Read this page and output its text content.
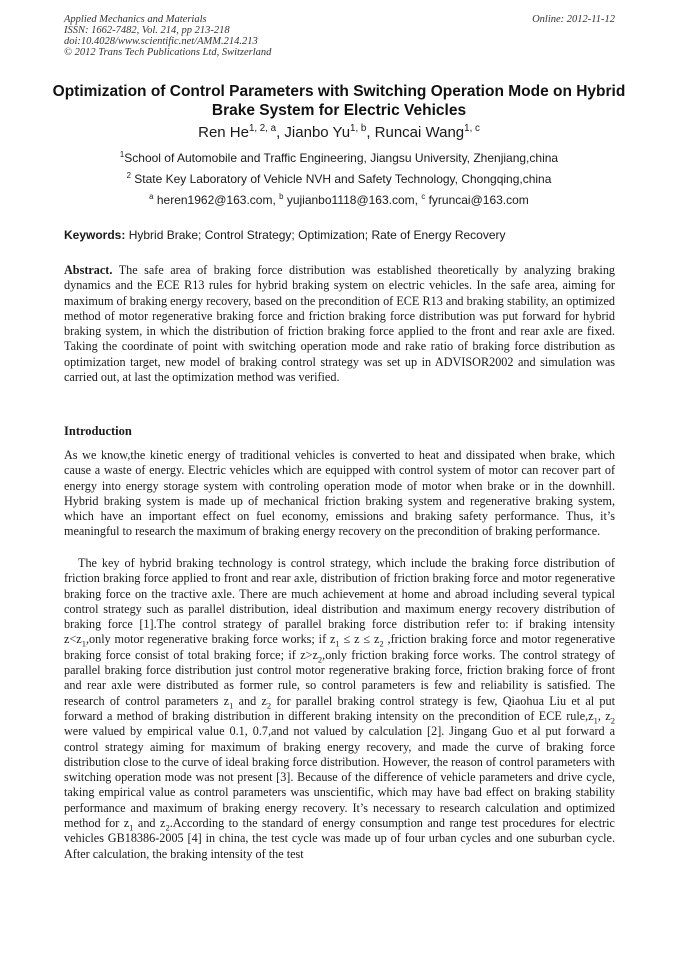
Applied Mechanics and Materials
ISSN: 1662-7482, Vol. 214, pp 213-218
doi:10.4028/www.scientific.net/AMM.214.213
© 2012 Trans Tech Publications Ltd, Switzerland
Online: 2012-11-12
Optimization of Control Parameters with Switching Operation Mode on Hybrid Brake System for Electric Vehicles
Ren He$^{1, 2, a}$, Jianbo Yu$^{1, b}$, Runcai Wang$^{1, c}$
$^1$School of Automobile and Traffic Engineering, Jiangsu University, Zhenjiang,china
$^2$ State Key Laboratory of Vehicle NVH and Safety Technology, Chongqing,china
$^a$ heren1962@163.com, $^b$ yujianbo1118@163.com, $^c$ fyruncai@163.com
Keywords: Hybrid Brake; Control Strategy; Optimization; Rate of Energy Recovery
Abstract. The safe area of braking force distribution was established theoretically by analyzing braking dynamics and the ECE R13 rules for hybrid braking system on electric vehicles. In the safe area, aiming for maximum of braking energy recovery, based on the precondition of ECE R13 and braking stability, an optimized method of motor regenerative braking force and friction braking force distribution was put forward for hybrid braking system, in which the distribution of friction braking force applied to the front and rear axle are fixed. Taking the coordinate of point with switching operation mode and rake ratio of braking force distribution as optimization target, new model of braking control strategy was set up in ADVISOR2002 and simulation was carried out, at last the optimization method was verified.
Introduction
As we know,the kinetic energy of traditional vehicles is converted to heat and dissipated when brake, which cause a waste of energy. Electric vehicles which are equipped with control system of motor can recover part of energy into energy storage system with controling operation mode of motor when brake or in the downhill. Hybrid braking system is made up of mechanical friction braking system and regenerative braking system, which have an important effect on fuel economy, emissions and braking safety performance. Thus, it’s meaningful to research the maximum of braking energy recovery on the precondition of braking performance.
The key of hybrid braking technology is control strategy, which include the braking force distribution of friction braking force applied to front and rear axle, distribution of friction braking force and motor regenerative braking force on the tractive axle. There are much achievement at home and abroad including several typical control strategy such as parallel distribution, ideal distribution and maximum energy recovery distribution of braking force [1].The control strategy of parallel braking force distribution refer to: if braking intensity $z<z_1,only$ motor regenerative braking force works; if $z_1 \le z \le z_2$ ,friction braking force and motor regenerative braking force consist of total braking force; if $z>z_2,only$ friction braking force works. The control strategy of parallel braking force distribution just control motor regenerative braking force, friction braking force of front and rear axle were distributed as former rule, so control parameters is few and reliability is satisfied. The research of control parameters $z_1$ and $z_2$ for parallel braking control strategy is few, Qiaohua Liu et al put forward a method of braking distribution in different braking intensity on the precondition of ECE $rule,z_1$, $z_2$ were valued by empirical value 0.1, 0.7,and not valued by calculation [2]. Jingang Guo et al put forward a control strategy aiming for maximum of braking energy recovery, and made the curve of braking force distribution close to the curve of ideal braking force distribution. However, the reason of control parameters with switching operation mode was not present [3]. Because of the difference of vehicle parameters and drive cycle, taking empirical value as control parameters was unscientific, which may have bad effect on braking stability performance and maximum of braking energy recovery. It’s necessary to research calculation and optimized method for $z_1$ and $z_2.According$ to the standard of energy consumption and range test procedures for electric vehicles GB18386-2005 [4] in china, the test cycle was made up of four urban cycles and one suburban cycle. After calculation, the braking intensity of the test
